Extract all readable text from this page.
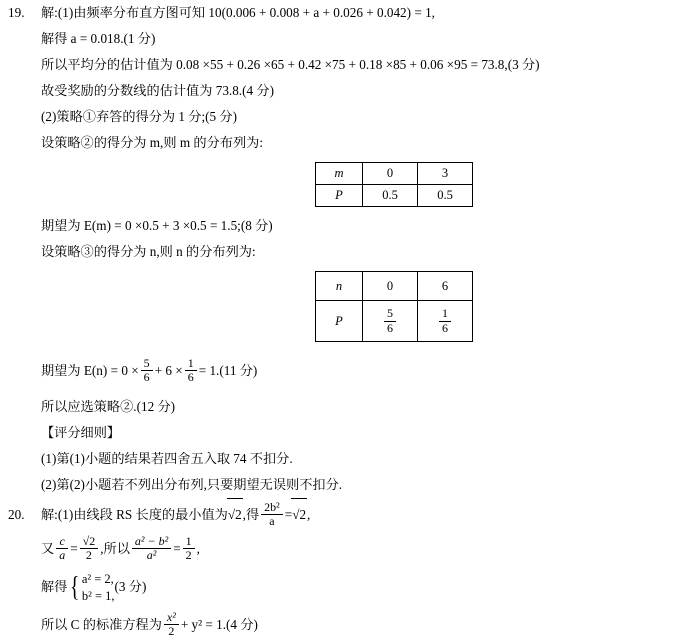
19. 解:(1)由频率分布直方图可知 10(0.006 + 0.008 + a + 0.026 + 0.042) = 1,
解得 a = 0.018.(1 分)
所以平均分的估计值为 0.08 ×55 + 0.26 ×65 + 0.42 ×75 + 0.18 ×85 + 0.06 ×95 = 73.8,(3 分)
故受奖励的分数线的估计值为 73.8.(4 分)
(2)策略①弃答的得分为 1 分;(5 分)
设策略②的得分为 m,则 m 的分布列为:
m	0	3
P	0.5	0.5
期望为 E(m) = 0 ×0.5 + 3 ×0.5 = 1.5;(8 分)
设策略③的得分为 n,则 n 的分布列为:
n	0	6
P	$\frac{5}{6}$	$\frac{1}{6}$
期望为 $E(n) = 0 \times \frac{5}{6} + 6 \times \frac{1}{6} = 1.(11$ 分)
所以应选策略②.(12 分)
【评分细则】
(1)第(1)小题的结果若四舍五入取 74 不扣分.
(2)第(2)小题若不列出分布列,只要期望无误则不扣分.
20. 解:(1)由线段 RS 长度的最小值为√2,得 $\frac{\text{2b²}}{a} =√2$,
又 $\frac{c}{a} = \frac{√2}{2}$ ,所以 $\frac{\text{a² − b²}}{\text{a²}} = \frac{1}{2}$ ,
解得 { a² = 2,
b² = 1,
(3 分)
所以 C 的标准方程为 $\frac{\text{x²}}{2} + y^2 = 1.(4$ 分)
